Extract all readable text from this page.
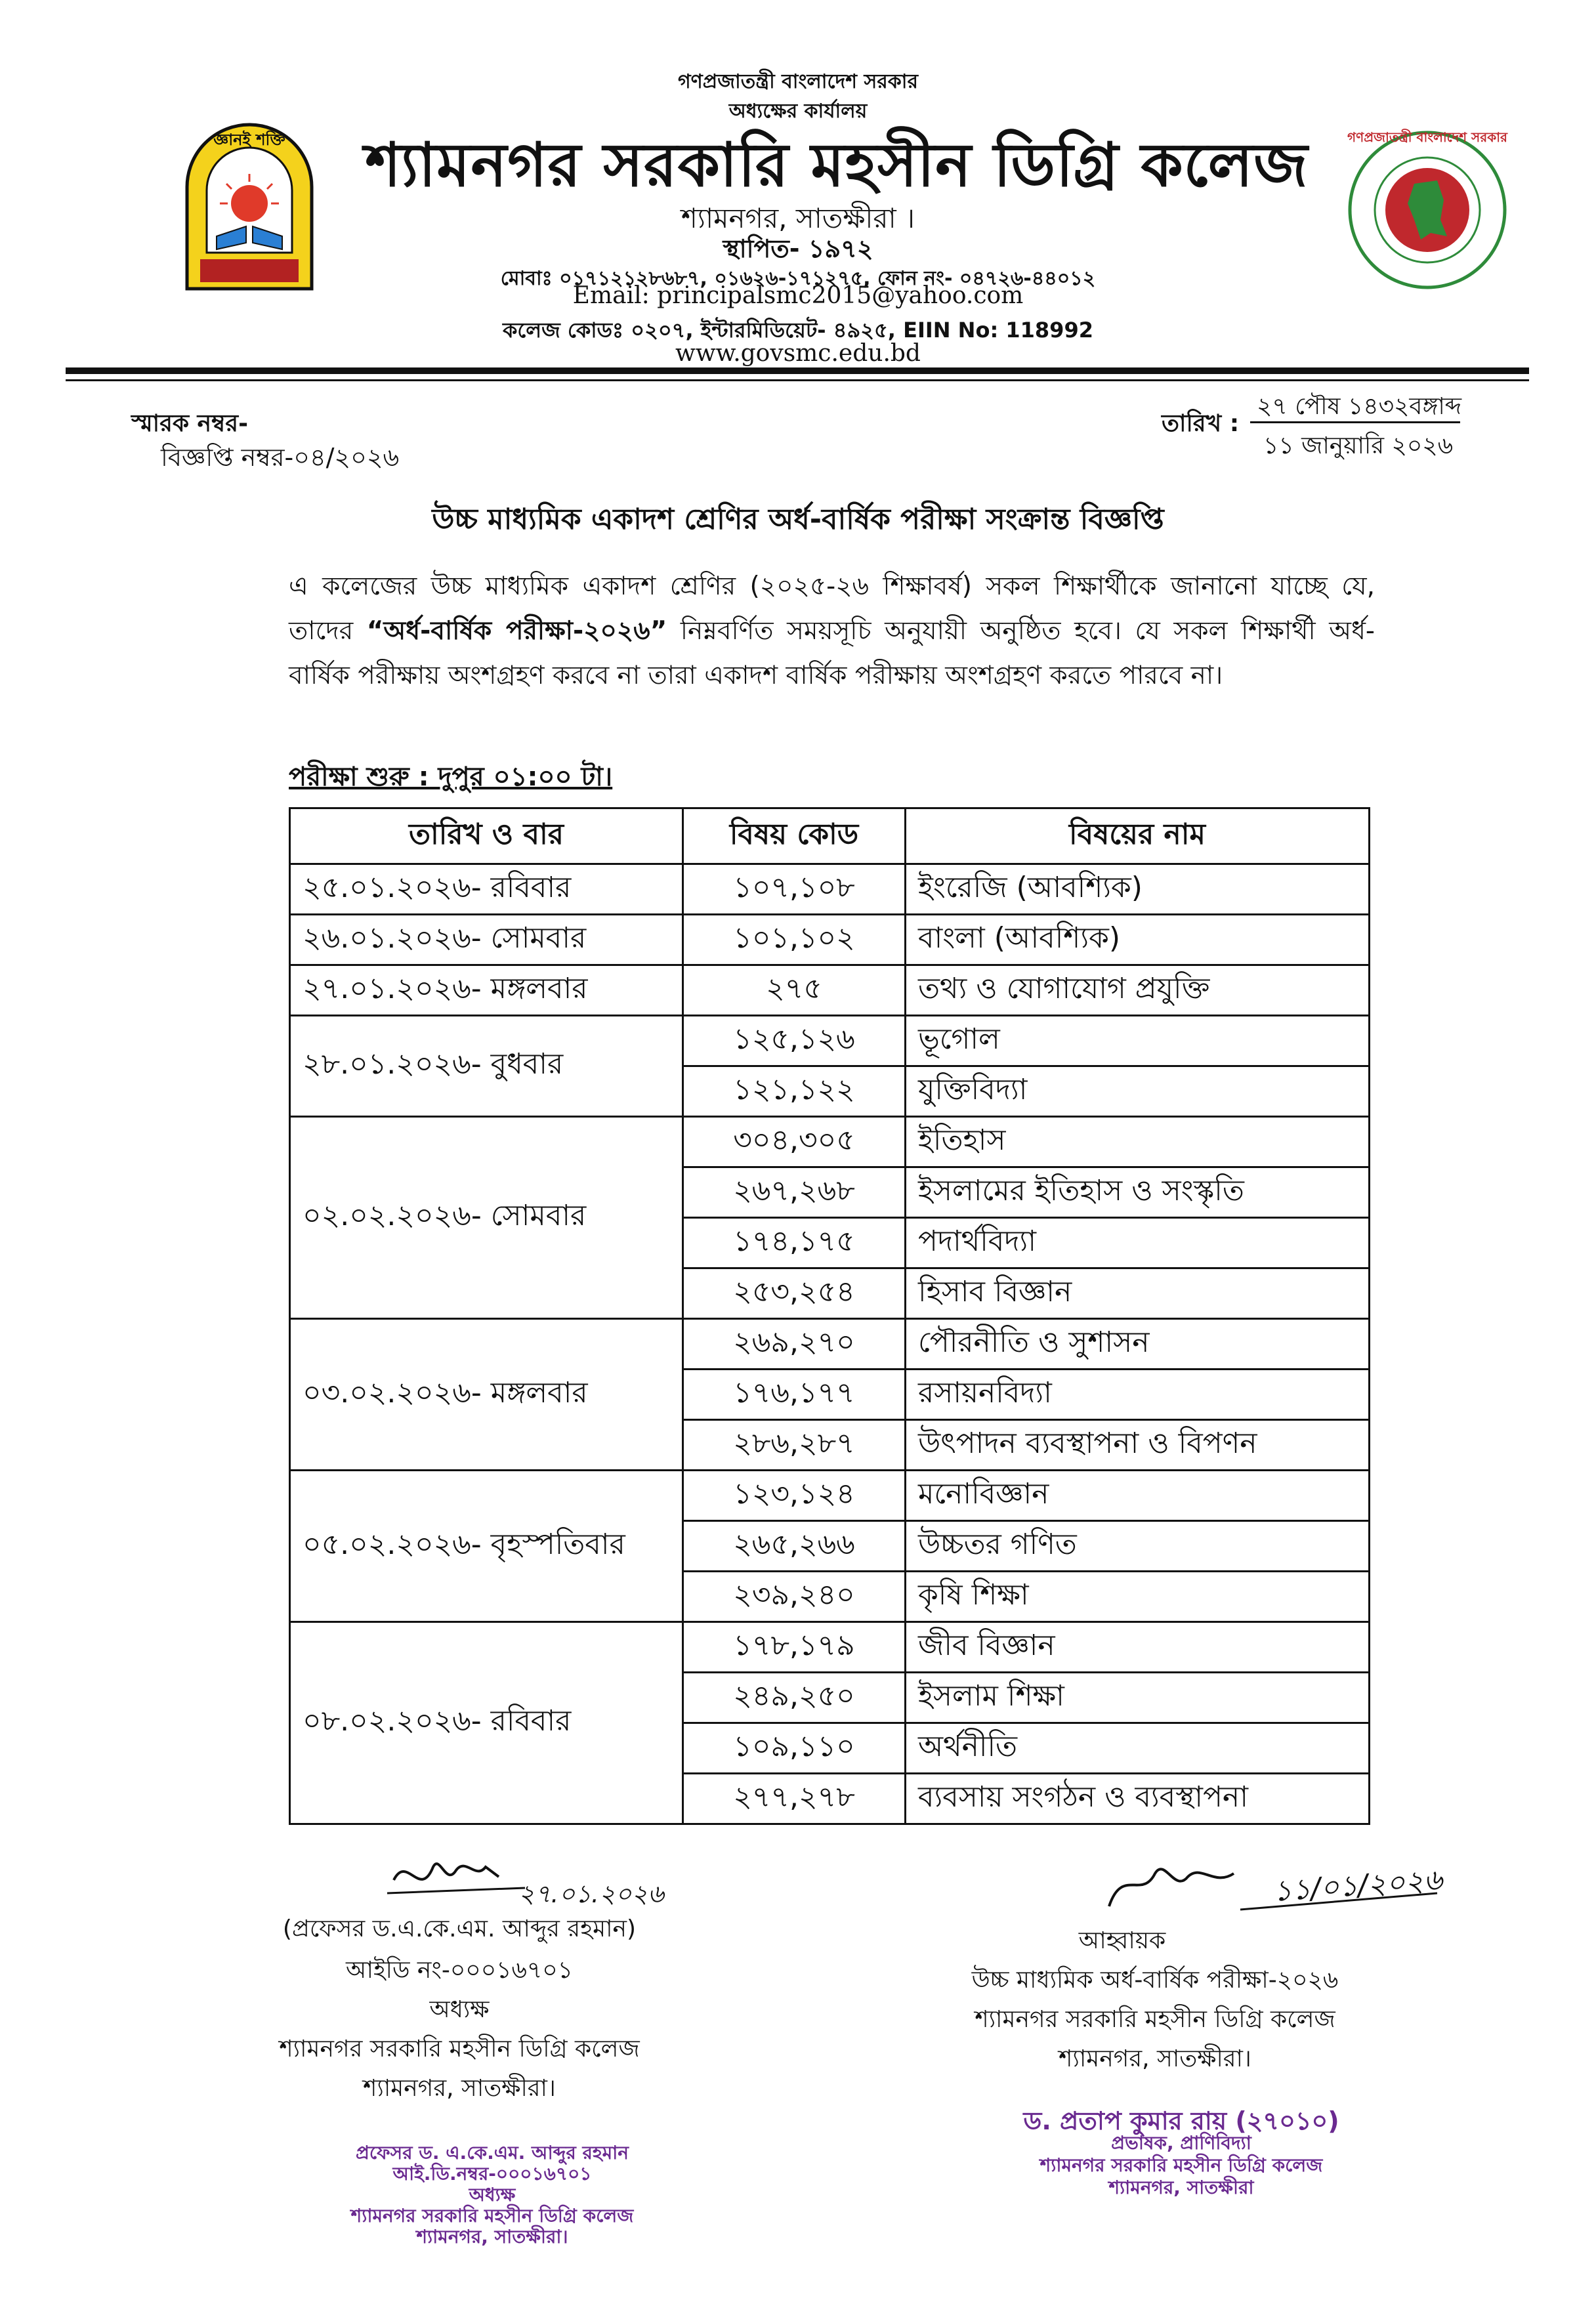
গণপ্রজাতন্ত্রী বাংলাদেশ সরকার
অধ্যক্ষের কার্যালয়
জ্ঞানই শক্তি	শ্যামনগর সরকারি মহসীন ডিগ্রি কলেজ	গণপ্রজাতন্ত্রী বাংলাদেশ সরকার
শ্যামনগর, সাতক্ষীরা ।
স্থাপিত- ১৯৭২
মোবাঃ ০১৭১২১২৮৬৮৭, ০১৬২৬-১৭১২৭৫, ফোন নং- ০৪৭২৬-৪৪০১২
Email: principalsmc2015@yahoo.com
কলেজ কোডঃ ০২০৭, ইন্টারমিডিয়েট- ৪৯২৫, EIIN No: 118992
www.govsmc.edu.bd
স্মারক নম্বর-
বিজ্ঞপ্তি নম্বর-০৪/২০২৬
তারিখ :
২৭ পৌষ ১৪৩২বঙ্গাব্দ
১১ জানুয়ারি ২০২৬
উচ্চ মাধ্যমিক একাদশ শ্রেণির অর্ধ-বার্ষিক পরীক্ষা সংক্রান্ত বিজ্ঞপ্তি
এ কলেজের উচ্চ মাধ্যমিক একাদশ শ্রেণির (২০২৫-২৬ শিক্ষাবর্ষ) সকল শিক্ষার্থীকে জানানো যাচ্ছে যে, তাদের “অর্ধ-বার্ষিক পরীক্ষা-২০২৬” নিম্নবর্ণিত সময়সূচি অনুযায়ী অনুষ্ঠিত হবে। যে সকল শিক্ষার্থী অর্ধ-বার্ষিক পরীক্ষায় অংশগ্রহণ করবে না তারা একাদশ বার্ষিক পরীক্ষায় অংশগ্রহণ করতে পারবে না।
পরীক্ষা শুরু : দুপুর ০১:০০ টা।
তারিখ ও বার	বিষয় কোড	বিষয়ের নাম
২৫.০১.২০২৬- রবিবার	১০৭,১০৮	ইংরেজি (আবশ্যিক)
২৬.০১.২০২৬- সোমবার	১০১,১০২	বাংলা (আবশ্যিক)
২৭.০১.২০২৬- মঙ্গলবার	২৭৫	তথ্য ও যোগাযোগ প্রযুক্তি
২৮.০১.২০২৬- বুধবার	১২৫,১২৬	ভূগোল
	১২১,১২২	যুক্তিবিদ্যা
০২.০২.২০২৬- সোমবার	৩০৪,৩০৫	ইতিহাস
	২৬৭,২৬৮	ইসলামের ইতিহাস ও সংস্কৃতি
	১৭৪,১৭৫	পদার্থবিদ্যা
	২৫৩,২৫৪	হিসাব বিজ্ঞান
০৩.০২.২০২৬- মঙ্গলবার	২৬৯,২৭০	পৌরনীতি ও সুশাসন
	১৭৬,১৭৭	রসায়নবিদ্যা
	২৮৬,২৮৭	উৎপাদন ব্যবস্থাপনা ও বিপণন
০৫.০২.২০২৬- বৃহস্পতিবার	১২৩,১২৪	মনোবিজ্ঞান
	২৬৫,২৬৬	উচ্চতর গণিত
	২৩৯,২৪০	কৃষি শিক্ষা
০৮.০২.২০২৬- রবিবার	১৭৮,১৭৯	জীব বিজ্ঞান
	২৪৯,২৫০	ইসলাম শিক্ষা
	১০৯,১১০	অর্থনীতি
	২৭৭,২৭৮	ব্যবসায় সংগঠন ও ব্যবস্থাপনা
২৭.০১.২০২৬
(প্রফেসর ড.এ.কে.এম. আব্দুর রহমান)
আইডি নং-০০০১৬৭০১
অধ্যক্ষ
শ্যামনগর সরকারি মহসীন ডিগ্রি কলেজ
শ্যামনগর, সাতক্ষীরা।
১১/০১/২০২৬
আহ্বায়ক
উচ্চ মাধ্যমিক অর্ধ-বার্ষিক পরীক্ষা-২০২৬
শ্যামনগর সরকারি মহসীন ডিগ্রি কলেজ
শ্যামনগর, সাতক্ষীরা।
প্রফেসর ড. এ.কে.এম. আব্দুর রহমান
আই.ডি.নম্বর-০০০১৬৭০১
অধ্যক্ষ
শ্যামনগর সরকারি মহসীন ডিগ্রি কলেজ
শ্যামনগর, সাতক্ষীরা।
ড. প্রতাপ কুমার রায় (২৭০১০)
প্রভাষক, প্রাণিবিদ্যা
শ্যামনগর সরকারি মহসীন ডিগ্রি কলেজ
শ্যামনগর, সাতক্ষীরা
